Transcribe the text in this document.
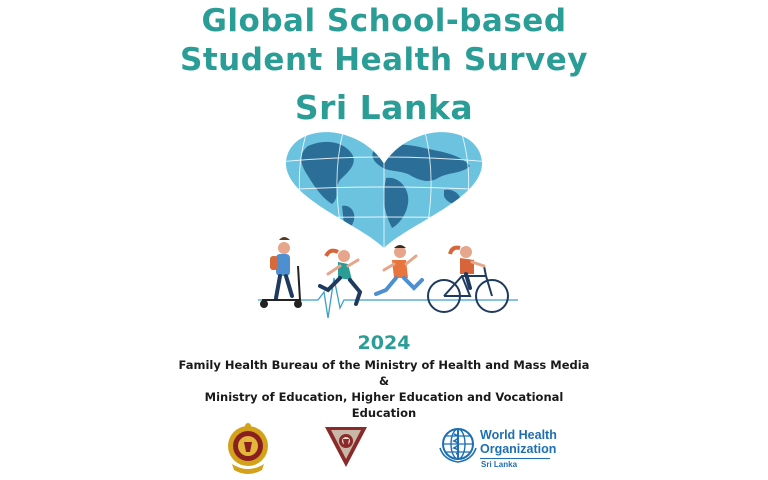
Global School-based
Student Health Survey
Sri Lanka
2024
Family Health Bureau of the Ministry of Health and Mass Media
&
Ministry of Education, Higher Education and Vocational
Education
World Health
Organization
Sri Lanka
